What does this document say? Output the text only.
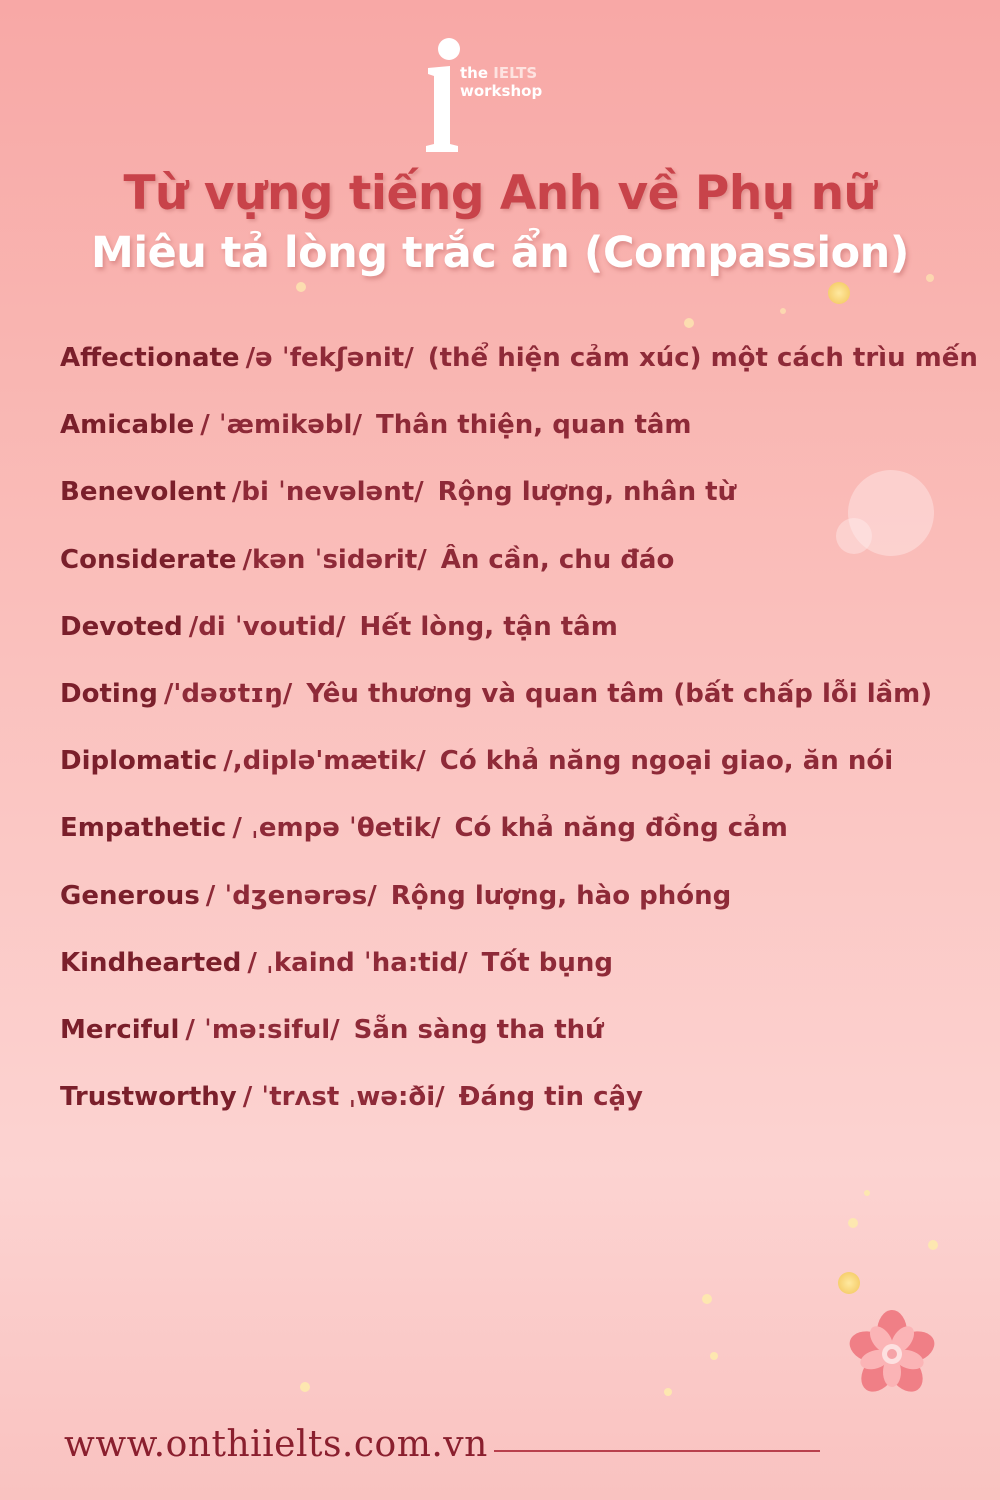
the IELTS
workshop
Từ vựng tiếng Anh về Phụ nữ
Miêu tả lòng trắc ẩn (Compassion)
Affectionate /ə ˈfekʃənit/ (thể hiện cảm xúc) một cách trìu mến
Amicable / ˈæmikəbl/ Thân thiện, quan tâm
Benevolent /bi ˈnevələnt/ Rộng lượng, nhân từ
Considerate /kən ˈsidərit/ Ân cần, chu đáo
Devoted /di ˈvoutid/ Hết lòng, tận tâm
Doting /'dəʊtɪŋ/ Yêu thương và quan tâm (bất chấp lỗi lầm)
Diplomatic /,diplə'mætik/ Có khả năng ngoại giao, ăn nói
Empathetic / ˌempə ˈθetik/ Có khả năng đồng cảm
Generous / ˈdʒenərəs/ Rộng lượng, hào phóng
Kindhearted / ˌkaind ˈha:tid/ Tốt bụng
Merciful / ˈmə:siful/ Sẵn sàng tha thứ
Trustworthy / ˈtrʌst ˌwə:ði/ Đáng tin cậy
www.onthiielts.com.vn
